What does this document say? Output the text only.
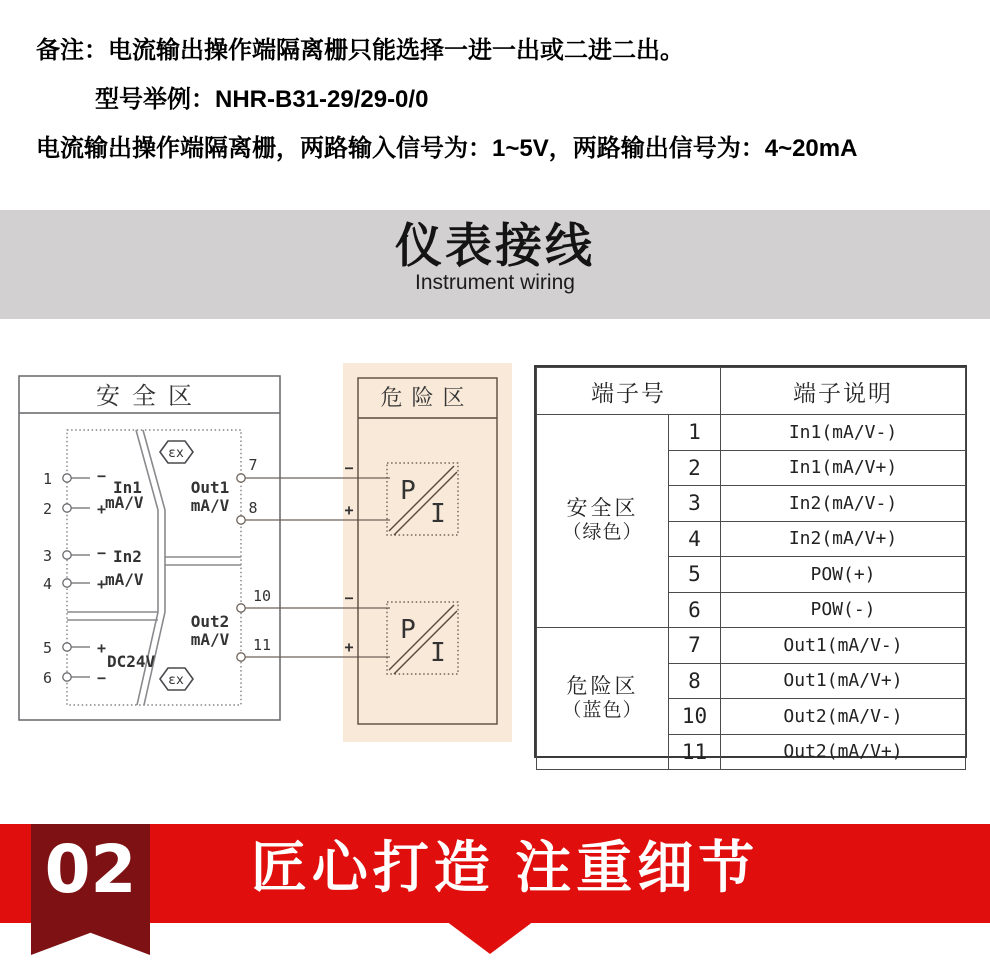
备注：电流输出操作端隔离栅只能选择一进一出或二进二出。
型号举例：NHR-B31-29/29-0/0
电流输出操作端隔离栅，两路输入信号为：1~5V，两路输出信号为：4~20mA
仪表接线
Instrument wiring
安全区
εx
εx
1
2
3
4
5
6
−
+
−
+
+
−
In1
mA/V
In2
mA/V
DC24V
Out1
mA/V
Out2
mA/V
7
8
10
11
−
+
−
+
危险区
P
I
P
I
端子号		端子说明

安全区
（绿色）	1	In1(mA/V-)
	2	In1(mA/V+)
	3	In2(mA/V-)
	4	In2(mA/V+)
	5	POW(+)
	6	POW(-)

危险区
（蓝色）	7	Out1(mA/V-)
	8	Out1(mA/V+)
	10	Out2(mA/V-)
	11	Out2(mA/V+)
02	匠心打造 注重细节
